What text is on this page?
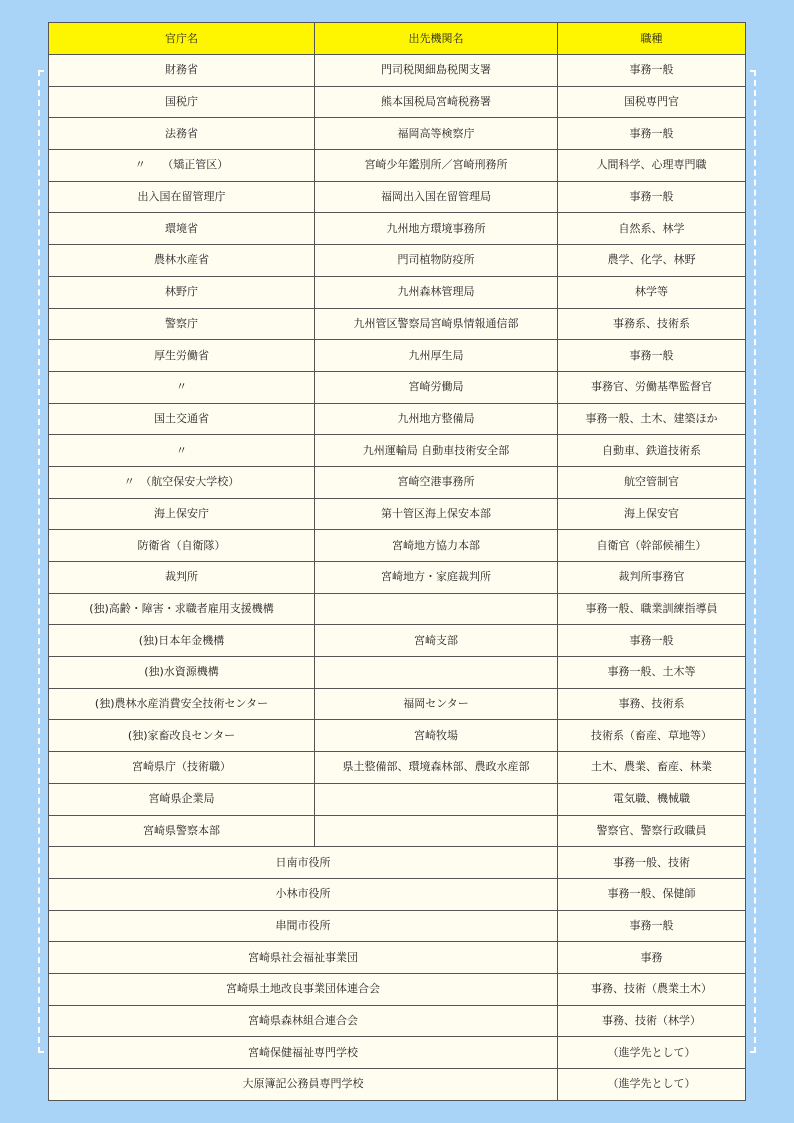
官庁名	出先機関名	職種
財務省	門司税関細島税関支署	事務一般
国税庁	熊本国税局宮崎税務署	国税専門官
法務省	福岡高等検察庁	事務一般
〃　　（矯正管区）	宮崎少年鑑別所／宮崎刑務所	人間科学、心理専門職
出入国在留管理庁	福岡出入国在留管理局	事務一般
環境省	九州地方環境事務所	自然系、林学
農林水産省	門司植物防疫所	農学、化学、林野
林野庁	九州森林管理局	林学等
警察庁	九州管区警察局宮崎県情報通信部	事務系、技術系
厚生労働省	九州厚生局	事務一般
〃	宮崎労働局	事務官、労働基準監督官
国土交通省	九州地方整備局	事務一般、土木、建築ほか
〃	九州運輸局 自動車技術安全部	自動車、鉄道技術系
〃　（航空保安大学校）	宮崎空港事務所	航空管制官
海上保安庁	第十管区海上保安本部	海上保安官
防衛省（自衛隊）	宮崎地方協力本部	自衛官（幹部候補生）
裁判所	宮崎地方・家庭裁判所	裁判所事務官
(独)高齢・障害・求職者雇用支援機構		事務一般、職業訓練指導員
(独)日本年金機構	宮崎支部	事務一般
(独)水資源機構		事務一般、土木等
(独)農林水産消費安全技術センター	福岡センター	事務、技術系
(独)家畜改良センター	宮崎牧場	技術系（畜産、草地等）
宮崎県庁（技術職）	県土整備部、環境森林部、農政水産部	土木、農業、畜産、林業
宮崎県企業局		電気職、機械職
宮崎県警察本部		警察官、警察行政職員
日南市役所		事務一般、技術
小林市役所		事務一般、保健師
串間市役所		事務一般
宮崎県社会福祉事業団		事務
宮崎県土地改良事業団体連合会		事務、技術（農業土木）
宮崎県森林組合連合会		事務、技術（林学）
宮崎保健福祉専門学校		（進学先として）
大原簿記公務員専門学校		（進学先として）
